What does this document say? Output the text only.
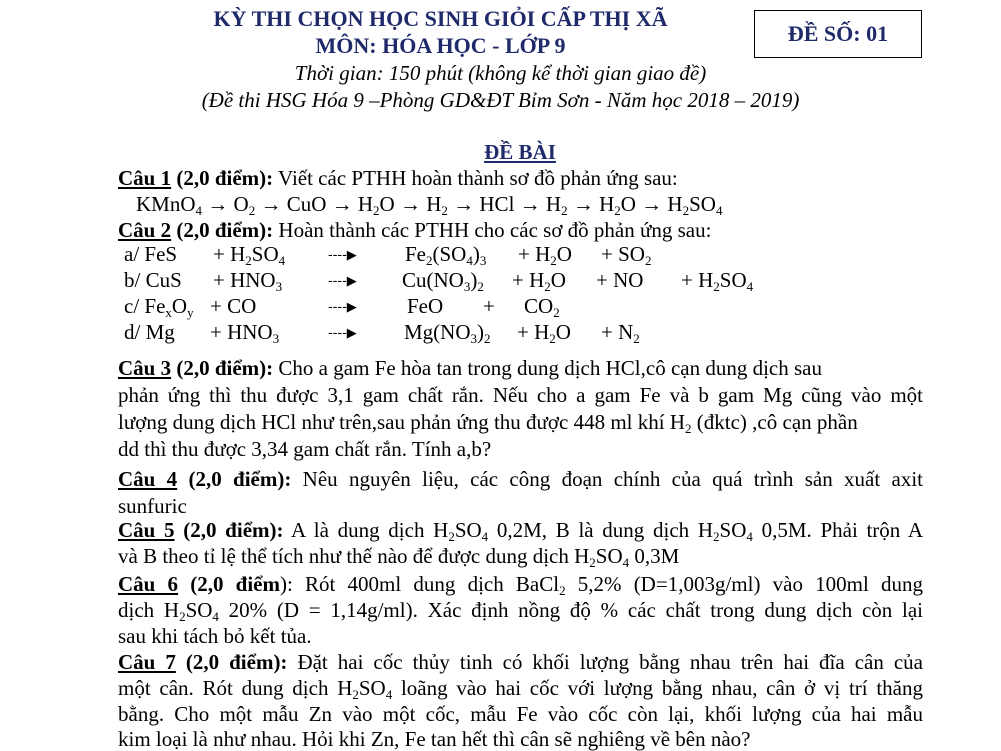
KỲ THI CHỌN HỌC SINH GIỎI CẤP THỊ XÃ
MÔN: HÓA HỌC - LỚP 9
Thời gian: 150 phút (không kể thời gian giao đề)
(Đề thi HSG Hóa 9 –Phòng GD&ĐT Bỉm Sơn - Năm học 2018 – 2019)
ĐỀ SỐ: 01
ĐỀ BÀI
Câu 1 (2,0 điểm): Viết các PTHH hoàn thành sơ đồ phản ứng sau:
KMnO$_4$ → $O_2$ → CuO → $H_2O \to H_2$ → HCl → $H_2 \to H_2O \to H_2SO_4$
Câu 2 (2,0 điểm): Hoàn thành các PTHH cho các sơ đồ phản ứng sau:
a/ FeS + $H_2SO_4$	----▶ $Fe_2(SO_4)_3 + H_2O + SO_2$
b/ CuS + $HNO_3$	----▶ $Cu(NO_3)_2 + H_2O$ + NO + $H_2SO_4$
c/ $Fe_xO_y$ + CO	----▶ FeO + $CO_2$
d/ $Mg + HNO_3$	----▶ $Mg(NO_3)_2 + H_2O + N_2$
Câu 3 (2,0 điểm): Cho a gam Fe hòa tan trong dung dịch HCl,cô cạn dung dịch sau
phản ứng thì thu được 3,1 gam chất rắn. Nếu cho a gam Fe và b gam Mg cũng vào một
lượng dung dịch HCl như trên,sau phản ứng thu được 448 ml khí $H_2$ (đktc) ,cô cạn phần
dd thì thu được 3,34 gam chất rắn. Tính a,b?
Câu 4 (2,0 điểm): Nêu nguyên liệu, các công đoạn chính của quá trình sản xuất axit
sunfuric
Câu 5 (2,0 điểm): A là dung dịch $H_2SO_4$ 0,2M, B là dung dịch $H_2SO_4$ 0,5M. Phải trộn A
và B theo tỉ lệ thể tích như thế nào để được dung dịch $H_2SO_4$ 0,3M
Câu 6 (2,0 điểm): Rót 400ml dung dịch BaCl$_2$ 5,2% (D=1,003g/ml) vào 100ml dung
dịch $H_2SO_4$ 20% (D = 1,14g/ml). Xác định nồng độ % các chất trong dung dịch còn lại
sau khi tách bỏ kết tủa.
Câu 7 (2,0 điểm): Đặt hai cốc thủy tinh có khối lượng bằng nhau trên hai đĩa cân của
một cân. Rót dung dịch $H_2SO_4$ loãng vào hai cốc với lượng bằng nhau, cân ở vị trí thăng
bằng. Cho một mẫu Zn vào một cốc, mẫu Fe vào cốc còn lại, khối lượng của hai mẫu
kim loại là như nhau. Hỏi khi Zn, Fe tan hết thì cân sẽ nghiêng về bên nào?
